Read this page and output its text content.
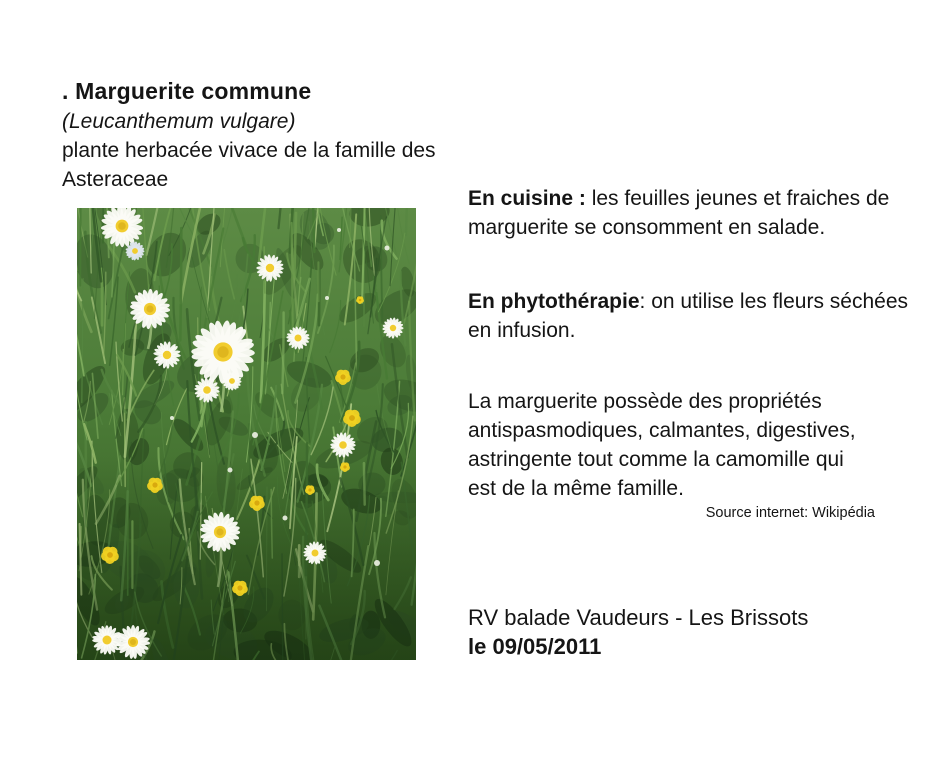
. Marguerite commune
(Leucanthemum vulgare)
plante herbacée vivace de la famille des Asteraceae

En cuisine : les feuilles jeunes et fraiches de marguerite se consomment en salade.

En phytothérapie: on utilise les fleurs séchées en infusion.

La marguerite possède des propriétés antispasmodiques, calmantes, digestives, astringente tout comme la camomille qui est de la même famille.

Source internet: Wikipédia
RV balade Vaudeurs - Les Brissots
le 09/05/2011
